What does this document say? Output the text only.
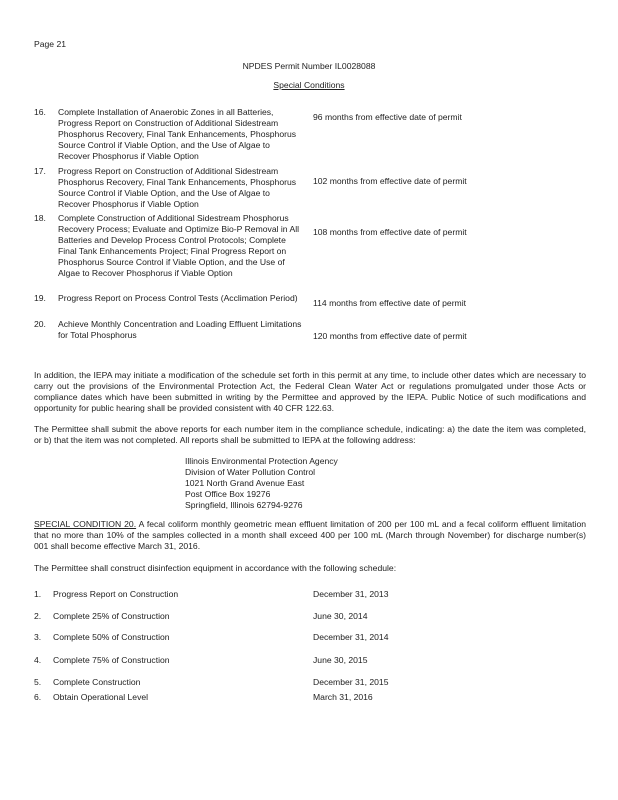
Page 21
NPDES Permit Number IL0028088
Special Conditions
16. Complete Installation of Anaerobic Zones in all Batteries, Progress Report on Construction of Additional Sidestream Phosphorus Recovery, Final Tank Enhancements, Phosphorus Source Control if Viable Option, and the Use of Algae to Recover Phosphorus if Viable Option
96 months from effective date of permit
17. Progress Report on Construction of Additional Sidestream Phosphorus Recovery, Final Tank Enhancements, Phosphorus Source Control if Viable Option, and the Use of Algae to Recover Phosphorus if Viable Option
102 months from effective date of permit
18. Complete Construction of Additional Sidestream Phosphorus Recovery Process; Evaluate and Optimize Bio-P Removal in All Batteries and Develop Process Control Protocols; Complete Final Tank Enhancements Project; Final Progress Report on Phosphorus Source Control if Viable Option, and the Use of Algae to Recover Phosphorus if Viable Option
108 months from effective date of permit
19. Progress Report on Process Control Tests (Acclimation Period)	114 months from effective date of permit
20. Achieve Monthly Concentration and Loading Effluent Limitations for Total Phosphorus	120 months from effective date of permit
In addition, the IEPA may initiate a modification of the schedule set forth in this permit at any time, to include other dates which are necessary to carry out the provisions of the Environmental Protection Act, the Federal Clean Water Act or regulations promulgated under those Acts or compliance dates which have been submitted in writing by the Permittee and approved by the IEPA. Public Notice of such modifications and opportunity for public hearing shall be provided consistent with 40 CFR 122.63.
The Permittee shall submit the above reports for each number item in the compliance schedule, indicating: a) the date the item was completed, or b) that the item was not completed. All reports shall be submitted to IEPA at the following address:
Illinois Environmental Protection Agency
Division of Water Pollution Control
1021 North Grand Avenue East
Post Office Box 19276
Springfield, Illinois 62794-9276
SPECIAL CONDITION 20. A fecal coliform monthly geometric mean effluent limitation of 200 per 100 mL and a fecal coliform effluent limitation that no more than 10% of the samples collected in a month shall exceed 400 per 100 mL (March through November) for discharge number(s) 001 shall become effective March 31, 2016.
The Permittee shall construct disinfection equipment in accordance with the following schedule:
1. Progress Report on Construction	December 31, 2013
2. Complete 25% of Construction	June 30, 2014
3. Complete 50% of Construction	December 31, 2014
4. Complete 75% of Construction	June 30, 2015
5. Complete Construction	December 31, 2015
6. Obtain Operational Level	March 31, 2016
